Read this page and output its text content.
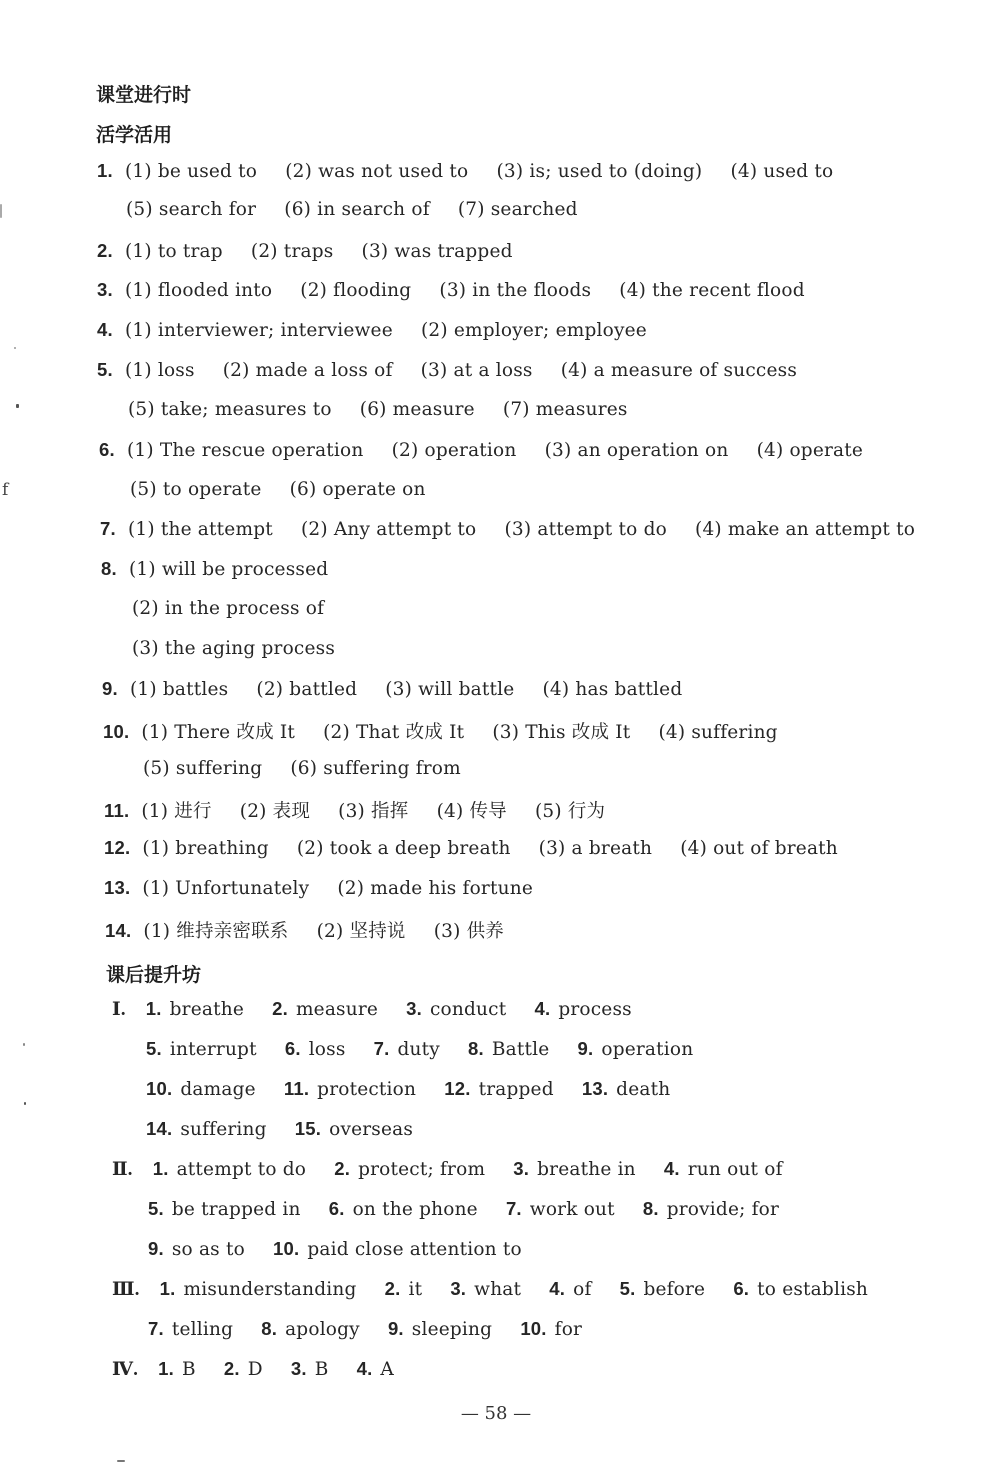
课堂进行时
活学活用
1. (1) be used to (2) was not used to (3) is; used to (doing) (4) used to
(5) search for (6) in search of (7) searched
2. (1) to trap (2) traps (3) was trapped
3. (1) flooded into (2) flooding (3) in the floods (4) the recent flood
4. (1) interviewer; interviewee (2) employer; employee
5. (1) loss (2) made a loss of (3) at a loss (4) a measure of success
(5) take; measures to (6) measure (7) measures
6. (1) The rescue operation (2) operation (3) an operation on (4) operate
(5) to operate (6) operate on
7. (1) the attempt (2) Any attempt to (3) attempt to do (4) make an attempt to
8. (1) will be processed
(2) in the process of
(3) the aging process
9. (1) battles (2) battled (3) will battle (4) has battled
10. (1) There 改成 It (2) That 改成 It (3) This 改成 It (4) suffering
(5) suffering (6) suffering from
11. (1) 进行 (2) 表现 (3) 指挥 (4) 传导 (5) 行为
12. (1) breathing (2) took a deep breath (3) a breath (4) out of breath
13. (1) Unfortunately (2) made his fortune
14. (1) 维持亲密联系 (2) 坚持说 (3) 供养
课后提升坊
Ⅰ. 1. breathe 2. measure 3. conduct 4. process
5. interrupt 6. loss 7. duty 8. Battle 9. operation
10. damage 11. protection 12. trapped 13. death
14. suffering 15. overseas
Ⅱ. 1. attempt to do 2. protect; from 3. breathe in 4. run out of
5. be trapped in 6. on the phone 7. work out 8. provide; for
9. so as to 10. paid close attention to
Ⅲ. 1. misunderstanding 2. it 3. what 4. of 5. before 6. to establish
7. telling 8. apology 9. sleeping 10. for
Ⅳ. 1. B 2. D 3. B 4. A
— 58 —
f
